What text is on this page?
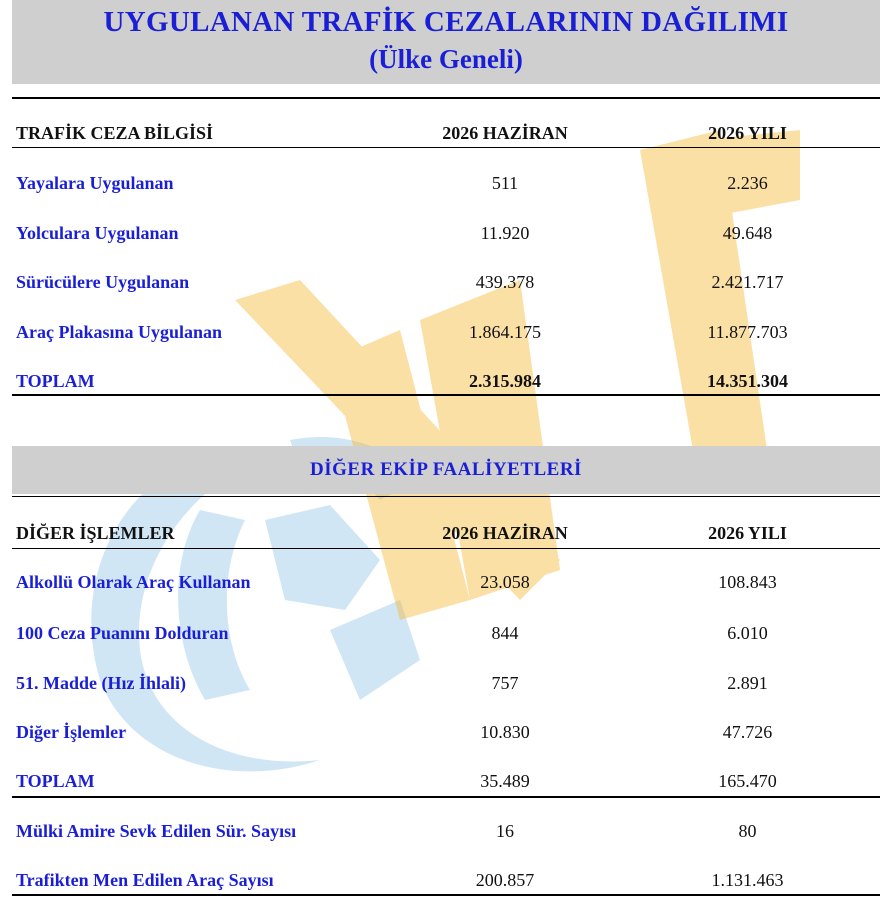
UYGULANAN TRAFİK CEZALARININ DAĞILIMI
(Ülke Geneli)
TRAFİK CEZA BİLGİSİ	2026 HAZİRAN	2026 YILI
Yayalara Uygulanan	511	2.236
Yolculara Uygulanan	11.920	49.648
Sürücülere Uygulanan	439.378	2.421.717
Araç Plakasına Uygulanan	1.864.175	11.877.703
TOPLAM	2.315.984	14.351.304
DİĞER EKİP FAALİYETLERİ
DİĞER İŞLEMLER	2026 HAZİRAN	2026 YILI
Alkollü Olarak Araç Kullanan	23.058	108.843
100 Ceza Puanını Dolduran	844	6.010
51. Madde (Hız İhlali)	757	2.891
Diğer İşlemler	10.830	47.726
TOPLAM	35.489	165.470
Mülki Amire Sevk Edilen Sür. Sayısı	16	80
Trafikten Men Edilen Araç Sayısı	200.857	1.131.463
